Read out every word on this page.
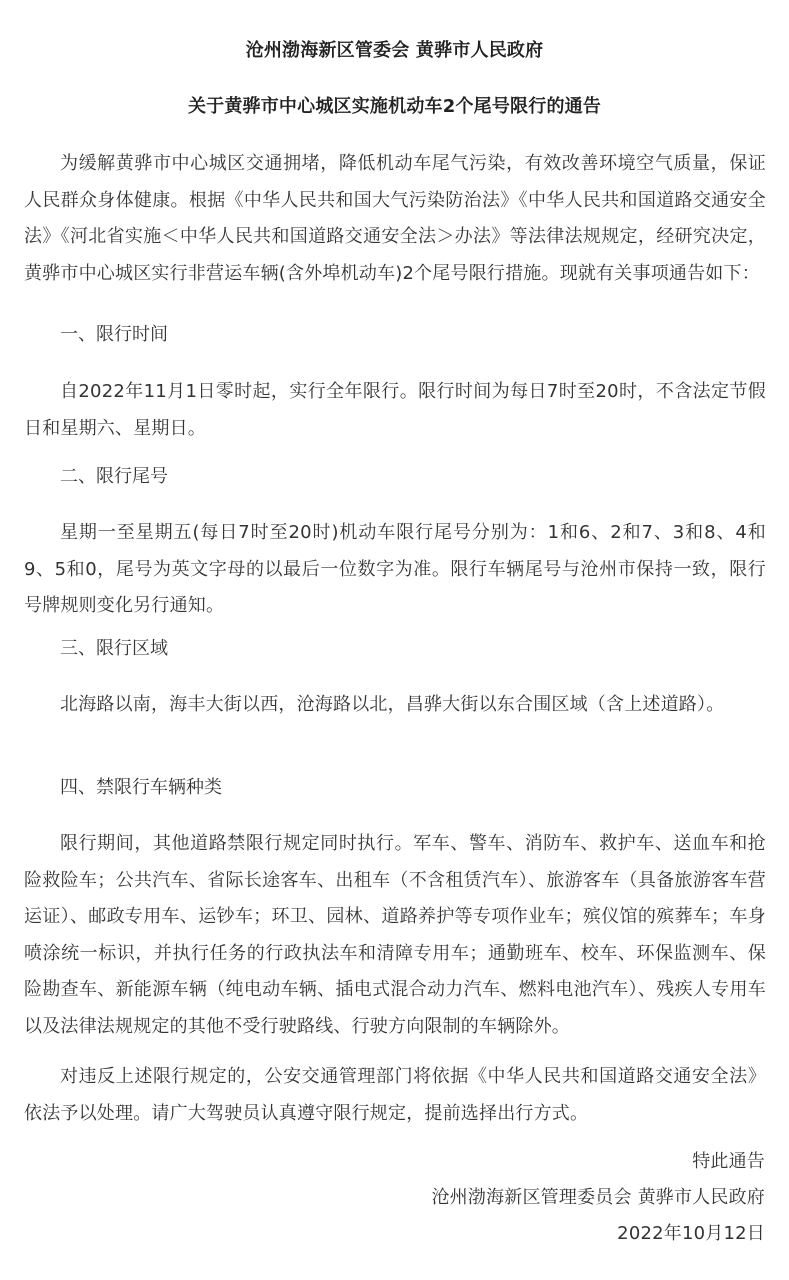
沧州渤海新区管委会 黄骅市人民政府
关于黄骅市中心城区实施机动车2个尾号限行的通告
为缓解黄骅市中心城区交通拥堵，降低机动车尾气污染，有效改善环境空气质量，保证人民群众身体健康。根据《中华人民共和国大气污染防治法》《中华人民共和国道路交通安全法》《河北省实施＜中华人民共和国道路交通安全法＞办法》等法律法规规定，经研究决定，黄骅市中心城区实行非营运车辆(含外埠机动车)2个尾号限行措施。现就有关事项通告如下：
一、限行时间
自2022年11月1日零时起，实行全年限行。限行时间为每日7时至20时，不含法定节假日和星期六、星期日。
二、限行尾号
星期一至星期五(每日7时至20时)机动车限行尾号分别为：1和6、2和7、3和8、4和9、5和0，尾号为英文字母的以最后一位数字为准。限行车辆尾号与沧州市保持一致，限行号牌规则变化另行通知。
三、限行区域
北海路以南，海丰大街以西，沧海路以北，昌骅大街以东合围区域（含上述道路）。
四、禁限行车辆种类
限行期间，其他道路禁限行规定同时执行。军车、警车、消防车、救护车、送血车和抢险救险车；公共汽车、省际长途客车、出租车（不含租赁汽车）、旅游客车（具备旅游客车营运证）、邮政专用车、运钞车；环卫、园林、道路养护等专项作业车；殡仪馆的殡葬车；车身喷涂统一标识，并执行任务的行政执法车和清障专用车；通勤班车、校车、环保监测车、保险勘查车、新能源车辆（纯电动车辆、插电式混合动力汽车、燃料电池汽车）、残疾人专用车以及法律法规规定的其他不受行驶路线、行驶方向限制的车辆除外。
对违反上述限行规定的，公安交通管理部门将依据《中华人民共和国道路交通安全法》依法予以处理。请广大驾驶员认真遵守限行规定，提前选择出行方式。
特此通告
沧州渤海新区管理委员会 黄骅市人民政府
2022年10月12日
